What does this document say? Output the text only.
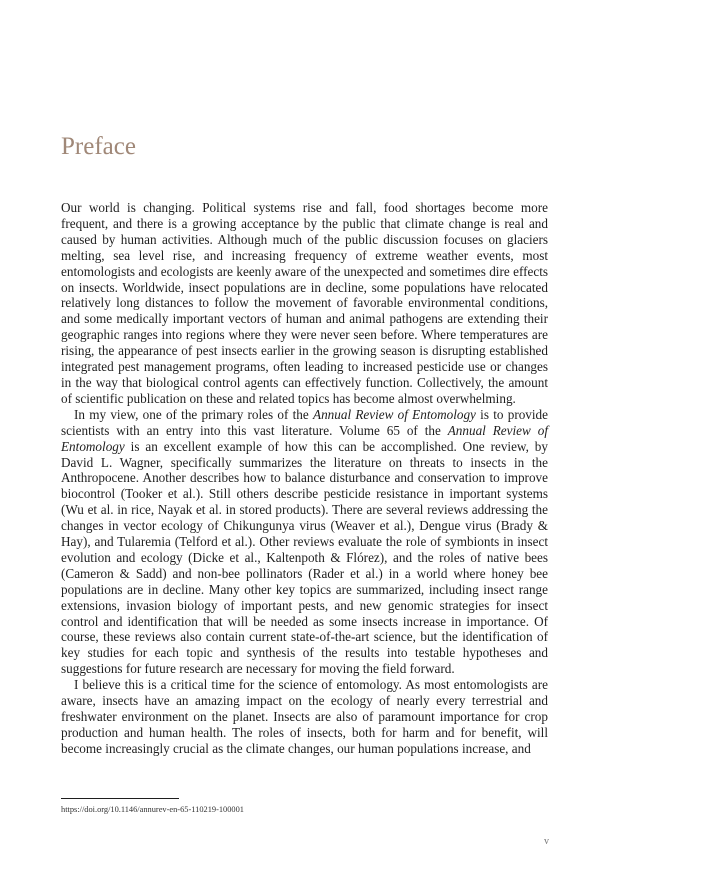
Preface

Our world is changing. Political systems rise and fall, food shortages become more frequent, and there is a growing acceptance by the public that climate change is real and caused by human activities. Although much of the public discussion focuses on glaciers melting, sea level rise, and increasing frequency of extreme weather events, most entomologists and ecologists are keenly aware of the unexpected and sometimes dire effects on insects. Worldwide, insect populations are in decline, some populations have relocated relatively long distances to follow the movement of favorable environmental conditions, and some medically important vectors of human and animal pathogens are extending their geographic ranges into regions where they were never seen before. Where temperatures are rising, the appearance of pest insects earlier in the growing season is disrupting established integrated pest management programs, often leading to increased pesticide use or changes in the way that biological control agents can effectively function. Collectively, the amount of scientific publication on these and related topics has become almost overwhelming.

In my view, one of the primary roles of the Annual Review of Entomology is to provide scientists with an entry into this vast literature. Volume 65 of the Annual Review of Entomology is an excellent example of how this can be accomplished. One review, by David L. Wagner, specifically summarizes the literature on threats to insects in the Anthropocene. Another describes how to balance disturbance and conservation to improve biocontrol (Tooker et al.). Still others describe pesticide resistance in important systems (Wu et al. in rice, Nayak et al. in stored products). There are several reviews addressing the changes in vector ecology of Chikungunya virus (Weaver et al.), Dengue virus (Brady & Hay), and Tularemia (Telford et al.). Other reviews evaluate the role of symbionts in insect evolution and ecology (Dicke et al., Kaltenpoth & Flórez), and the roles of native bees (Cameron & Sadd) and non-bee pollinators (Rader et al.) in a world where honey bee populations are in decline. Many other key topics are summarized, including insect range extensions, invasion biology of important pests, and new genomic strategies for insect control and identification that will be needed as some insects increase in importance. Of course, these reviews also contain current state-of-the-art science, but the identification of key studies for each topic and synthesis of the results into testable hypotheses and suggestions for future research are necessary for moving the field forward.

I believe this is a critical time for the science of entomology. As most entomologists are aware, insects have an amazing impact on the ecology of nearly every terrestrial and freshwater environment on the planet. Insects are also of paramount importance for crop production and human health. The roles of insects, both for harm and for benefit, will become increasingly crucial as the climate changes, our human populations increase, and

https://doi.org/10.1146/annurev-en-65-110219-100001
v
